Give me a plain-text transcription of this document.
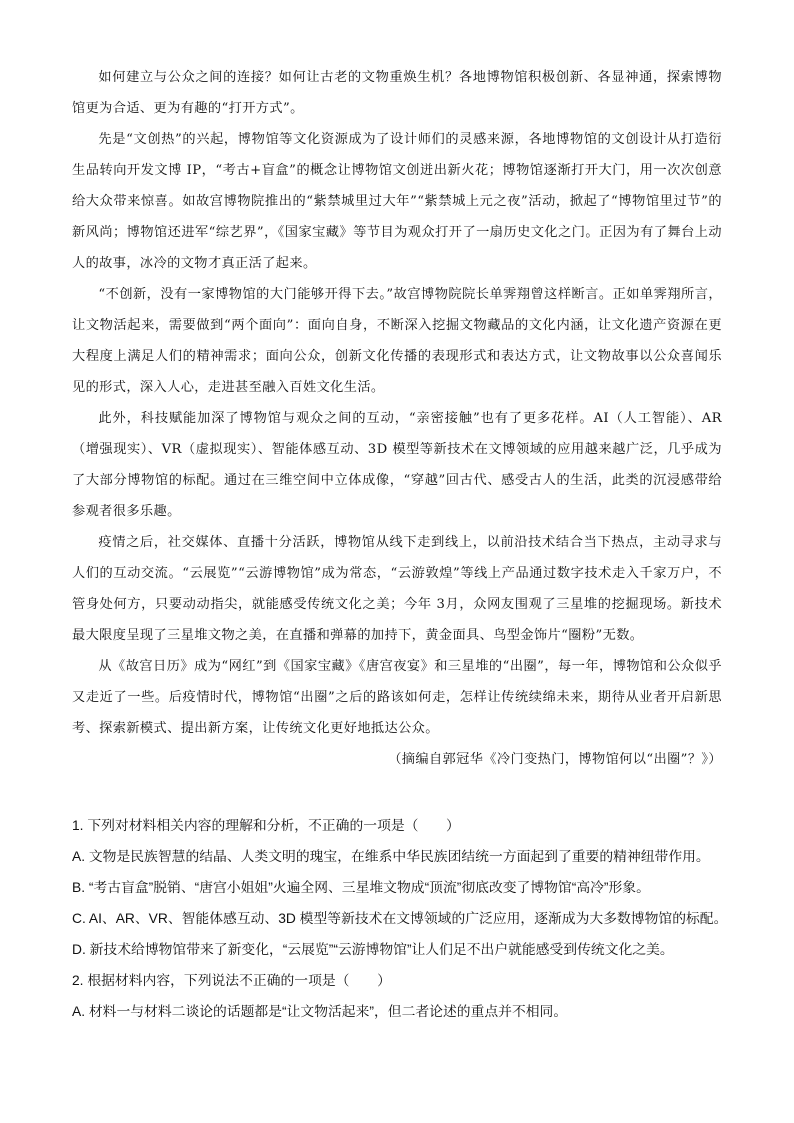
如何建立与公众之间的连接？如何让古老的文物重焕生机？各地博物馆积极创新、各显神通，探索博物馆更为合适、更为有趣的“打开方式”。

先是“文创热”的兴起，博物馆等文化资源成为了设计师们的灵感来源，各地博物馆的文创设计从打造衍生品转向开发文博 IP，“考古+盲盒”的概念让博物馆文创迸出新火花；博物馆逐渐打开大门，用一次次创意给大众带来惊喜。如故宫博物院推出的“紫禁城里过大年”“紫禁城上元之夜”活动，掀起了“博物馆里过节”的新风尚；博物馆还进军“综艺界”，《国家宝藏》等节目为观众打开了一扇历史文化之门。正因为有了舞台上动人的故事，冰冷的文物才真正活了起来。

“不创新，没有一家博物馆的大门能够开得下去。”故宫博物院院长单霁翔曾这样断言。正如单霁翔所言，让文物活起来，需要做到“两个面向”：面向自身，不断深入挖掘文物藏品的文化内涵，让文化遗产资源在更大程度上满足人们的精神需求；面向公众，创新文化传播的表现形式和表达方式，让文物故事以公众喜闻乐见的形式，深入人心，走进甚至融入百姓文化生活。

此外，科技赋能加深了博物馆与观众之间的互动，“亲密接触”也有了更多花样。AI（人工智能）、AR（增强现实）、VR（虚拟现实）、智能体感互动、3D 模型等新技术在文博领域的应用越来越广泛，几乎成为了大部分博物馆的标配。通过在三维空间中立体成像，“穿越”回古代、感受古人的生活，此类的沉浸感带给参观者很多乐趣。

疫情之后，社交媒体、直播十分活跃，博物馆从线下走到线上，以前沿技术结合当下热点，主动寻求与人们的互动交流。“云展览”“云游博物馆”成为常态，“云游敦煌”等线上产品通过数字技术走入千家万户，不管身处何方，只要动动指尖，就能感受传统文化之美；今年 3月，众网友围观了三星堆的挖掘现场。新技术最大限度呈现了三星堆文物之美，在直播和弹幕的加持下，黄金面具、鸟型金饰片“圈粉”无数。

从《故宫日历》成为“网红”到《国家宝藏》《唐宫夜宴》和三星堆的“出圈”，每一年，博物馆和公众似乎又走近了一些。后疫情时代，博物馆“出圈”之后的路该如何走，怎样让传统续绵未来，期待从业者开启新思考、探索新模式、提出新方案，让传统文化更好地抵达公众。

（摘编自郭冠华《冷门变热门，博物馆何以“出圈”？》）
1. 下列对材料相关内容的理解和分析，不正确的一项是（　　）
A. 文物是民族智慧的结晶、人类文明的瑰宝，在维系中华民族团结统一方面起到了重要的精神纽带作用。
B. “考古盲盒”脱销、“唐宫小姐姐”火遍全网、三星堆文物成“顶流”彻底改变了博物馆“高冷”形象。
C. AI、AR、VR、智能体感互动、3D 模型等新技术在文博领域的广泛应用，逐渐成为大多数博物馆的标配。
D. 新技术给博物馆带来了新变化，“云展览”“云游博物馆”让人们足不出户就能感受到传统文化之美。
2. 根据材料内容，下列说法不正确的一项是（　　）
A. 材料一与材料二谈论的话题都是“让文物活起来”，但二者论述的重点并不相同。
